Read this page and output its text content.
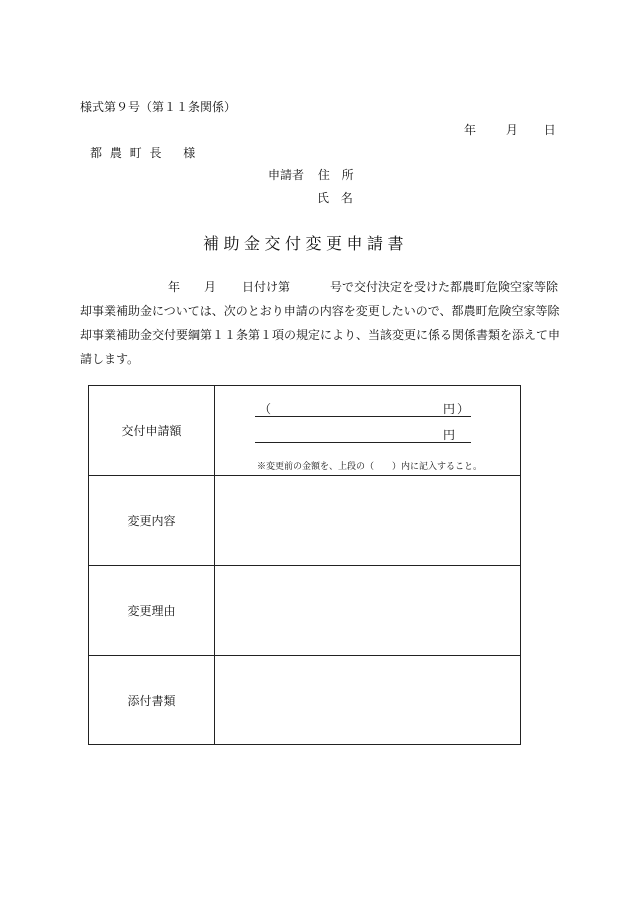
様式第９号（第１１条関係）
年 月 日
都 農 町 長 様
申請者 住 所
氏 名
補助金交付変更申請書

年 月 日付け第	号で交付決定を受けた都農町危険空家等除

却事業補助金については、次のとおり申請の内容を変更したいので、都農町危険空家等除

却事業補助金交付要綱第１１条第１項の規定により、当該変更に係る関係書類を添えて申

請します。

交付申請額
（	円 ）
円
※変更前の金額を、上段の（　　）内に記入すること。
変更内容
変更理由
添付書類
